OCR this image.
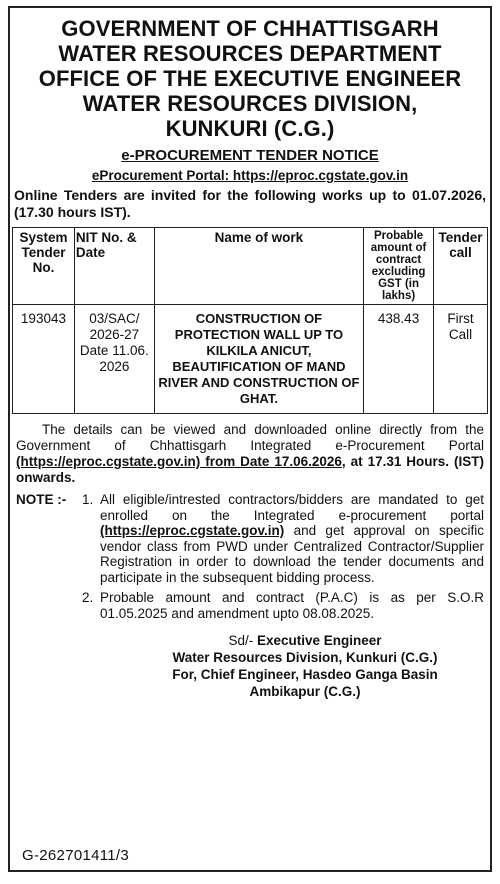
GOVERNMENT OF CHHATTISGARH
WATER RESOURCES DEPARTMENT
OFFICE OF THE EXECUTIVE ENGINEER
WATER RESOURCES DIVISION,
KUNKURI (C.G.)
e-PROCUREMENT TENDER NOTICE
eProcurement Portal: https://eproc.cgstate.gov.in
Online Tenders are invited for the following works up to 01.07.2026, (17.30 hours IST).
System Tender No.	NIT No. & Date	Name of work	Probable amount of contract excluding GST (in lakhs)	Tender call
193043	03/SAC/ 2026-27 Date 11.06. 2026	CONSTRUCTION OF PROTECTION WALL UP TO KILKILA ANICUT, BEAUTIFICATION OF MAND RIVER AND CONSTRUCTION OF GHAT.	438.43	First Call
The details can be viewed and downloaded online directly from the Government of Chhattisgarh Integrated e-Procurement Portal (https://eproc.cgstate.gov.in) from Date 17.06.2026, at 17.31 Hours. (IST) onwards.
NOTE :-	1. All eligible/intrested contractors/bidders are mandated to get enrolled on the Integrated e-procurement portal (https://eproc.cgstate.gov.in) and get approval on specific vendor class from PWD under Centralized Contractor/Supplier Registration in order to download the tender documents and participate in the subsequent bidding process.
2. Probable amount and contract (P.A.C) is as per S.O.R 01.05.2025 and amendment upto 08.08.2025.
Sd/- Executive Engineer
Water Resources Division, Kunkuri (C.G.)
For, Chief Engineer, Hasdeo Ganga Basin
Ambikapur (C.G.)
G-262701411/3
